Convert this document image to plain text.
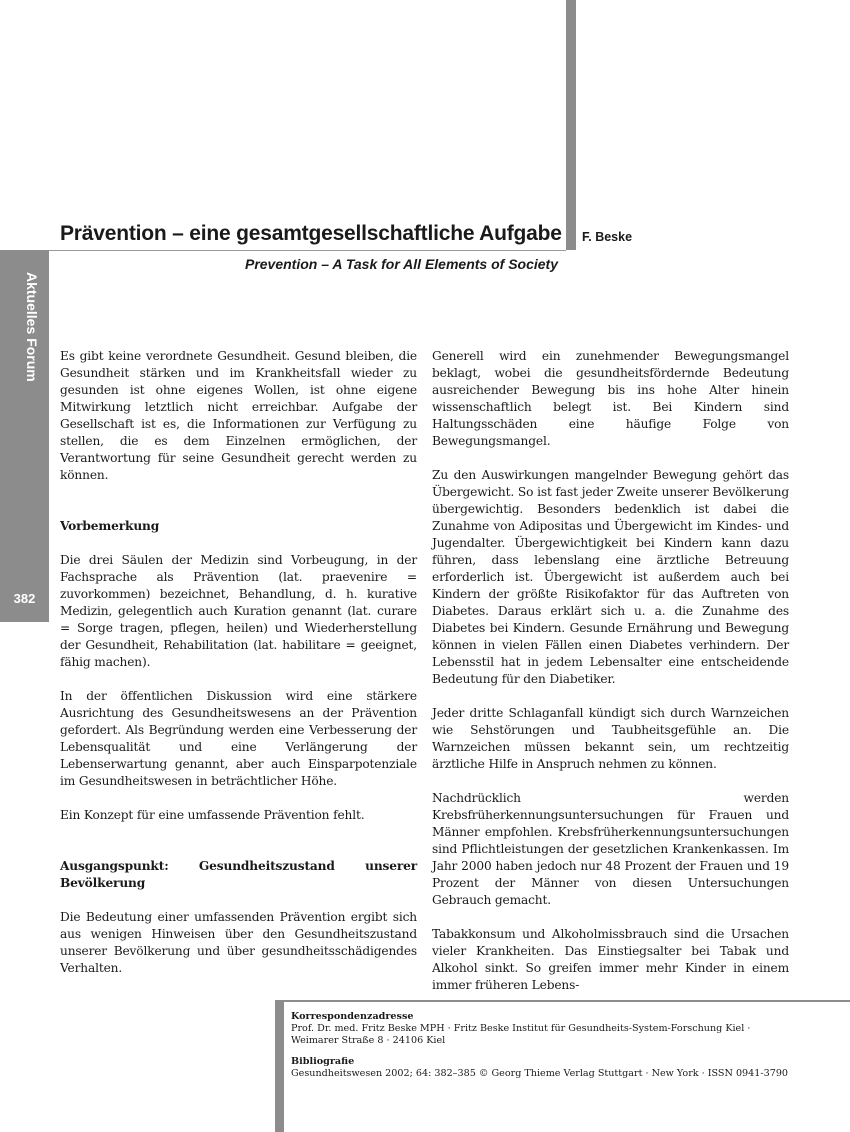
Prävention – eine gesamtgesellschaftliche Aufgabe F. Beske
Aktuelles Forum
382
Prevention – A Task for All Elements of Society

Es gibt keine verordnete Gesundheit. Gesund bleiben, die Gesundheit stärken und im Krankheitsfall wieder zu gesunden ist ohne eigenes Wollen, ist ohne eigene Mitwirkung letztlich nicht erreichbar. Aufgabe der Gesellschaft ist es, die Informationen zur Verfügung zu stellen, die es dem Einzelnen ermöglichen, der Verantwortung für seine Gesundheit gerecht werden zu können.

Vorbemerkung

Die drei Säulen der Medizin sind Vorbeugung, in der Fachsprache als Prävention (lat. praevenire = zuvorkommen) bezeichnet, Behandlung, d. h. kurative Medizin, gelegentlich auch Kuration genannt (lat. curare = Sorge tragen, pflegen, heilen) und Wiederherstellung der Gesundheit, Rehabilitation (lat. habilitare = geeignet, fähig machen).

In der öffentlichen Diskussion wird eine stärkere Ausrichtung des Gesundheitswesens an der Prävention gefordert. Als Begründung werden eine Verbesserung der Lebensqualität und eine Verlängerung der Lebenserwartung genannt, aber auch Einsparpotenziale im Gesundheitswesen in beträchtlicher Höhe.

Ein Konzept für eine umfassende Prävention fehlt.

Ausgangspunkt: Gesundheitszustand unserer Bevölkerung

Die Bedeutung einer umfassenden Prävention ergibt sich aus wenigen Hinweisen über den Gesundheitszustand unserer Bevölkerung und über gesundheitsschädigendes Verhalten.

Generell wird ein zunehmender Bewegungsmangel beklagt, wobei die gesundheitsfördernde Bedeutung ausreichender Bewegung bis ins hohe Alter hinein wissenschaftlich belegt ist. Bei Kindern sind Haltungsschäden eine häufige Folge von Bewegungsmangel.

Zu den Auswirkungen mangelnder Bewegung gehört das Übergewicht. So ist fast jeder Zweite unserer Bevölkerung übergewichtig. Besonders bedenklich ist dabei die Zunahme von Adipositas und Übergewicht im Kindes- und Jugendalter. Übergewichtigkeit bei Kindern kann dazu führen, dass lebenslang eine ärztliche Betreuung erforderlich ist. Übergewicht ist außerdem auch bei Kindern der größte Risikofaktor für das Auftreten von Diabetes. Daraus erklärt sich u. a. die Zunahme des Diabetes bei Kindern. Gesunde Ernährung und Bewegung können in vielen Fällen einen Diabetes verhindern. Der Lebensstil hat in jedem Lebensalter eine entscheidende Bedeutung für den Diabetiker.

Jeder dritte Schlaganfall kündigt sich durch Warnzeichen wie Sehstörungen und Taubheitsgefühle an. Die Warnzeichen müssen bekannt sein, um rechtzeitig ärztliche Hilfe in Anspruch nehmen zu können.

Nachdrücklich werden Krebsfrüherkennungsuntersuchungen für Frauen und Männer empfohlen. Krebsfrüherkennungsuntersuchungen sind Pflichtleistungen der gesetzlichen Krankenkassen. Im Jahr 2000 haben jedoch nur 48 Prozent der Frauen und 19 Prozent der Männer von diesen Untersuchungen Gebrauch gemacht.

Tabakkonsum und Alkoholmissbrauch sind die Ursachen vieler Krankheiten. Das Einstiegsalter bei Tabak und Alkohol sinkt. So greifen immer mehr Kinder in einem immer früheren Lebens-

Korrespondenzadresse
Prof. Dr. med. Fritz Beske MPH · Fritz Beske Institut für Gesundheits-System-Forschung Kiel ·
Weimarer Straße 8 · 24106 Kiel
Bibliografie
Gesundheitswesen 2002; 64: 382–385 © Georg Thieme Verlag Stuttgart · New York · ISSN 0941-3790
